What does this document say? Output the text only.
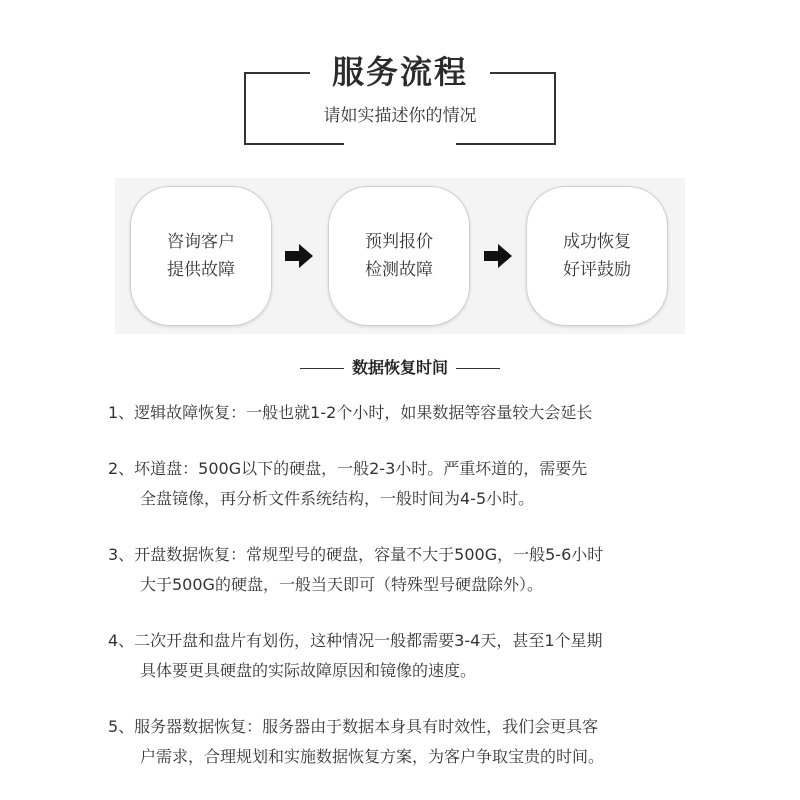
服务流程
请如实描述你的情况
咨询客户
提供故障
预判报价
检测故障
成功恢复
好评鼓励
数据恢复时间

1、逻辑故障恢复：一般也就1-2个小时，如果数据等容量较大会延长

2、坏道盘：500G以下的硬盘，一般2-3小时。严重坏道的，需要先

全盘镜像，再分析文件系统结构，一般时间为4-5小时。

3、开盘数据恢复：常规型号的硬盘，容量不大于500G，一般5-6小时

大于500G的硬盘，一般当天即可（特殊型号硬盘除外）。

4、二次开盘和盘片有划伤，这种情况一般都需要3-4天，甚至1个星期

具体要更具硬盘的实际故障原因和镜像的速度。

5、服务器数据恢复：服务器由于数据本身具有时效性，我们会更具客

户需求，合理规划和实施数据恢复方案，为客户争取宝贵的时间。
